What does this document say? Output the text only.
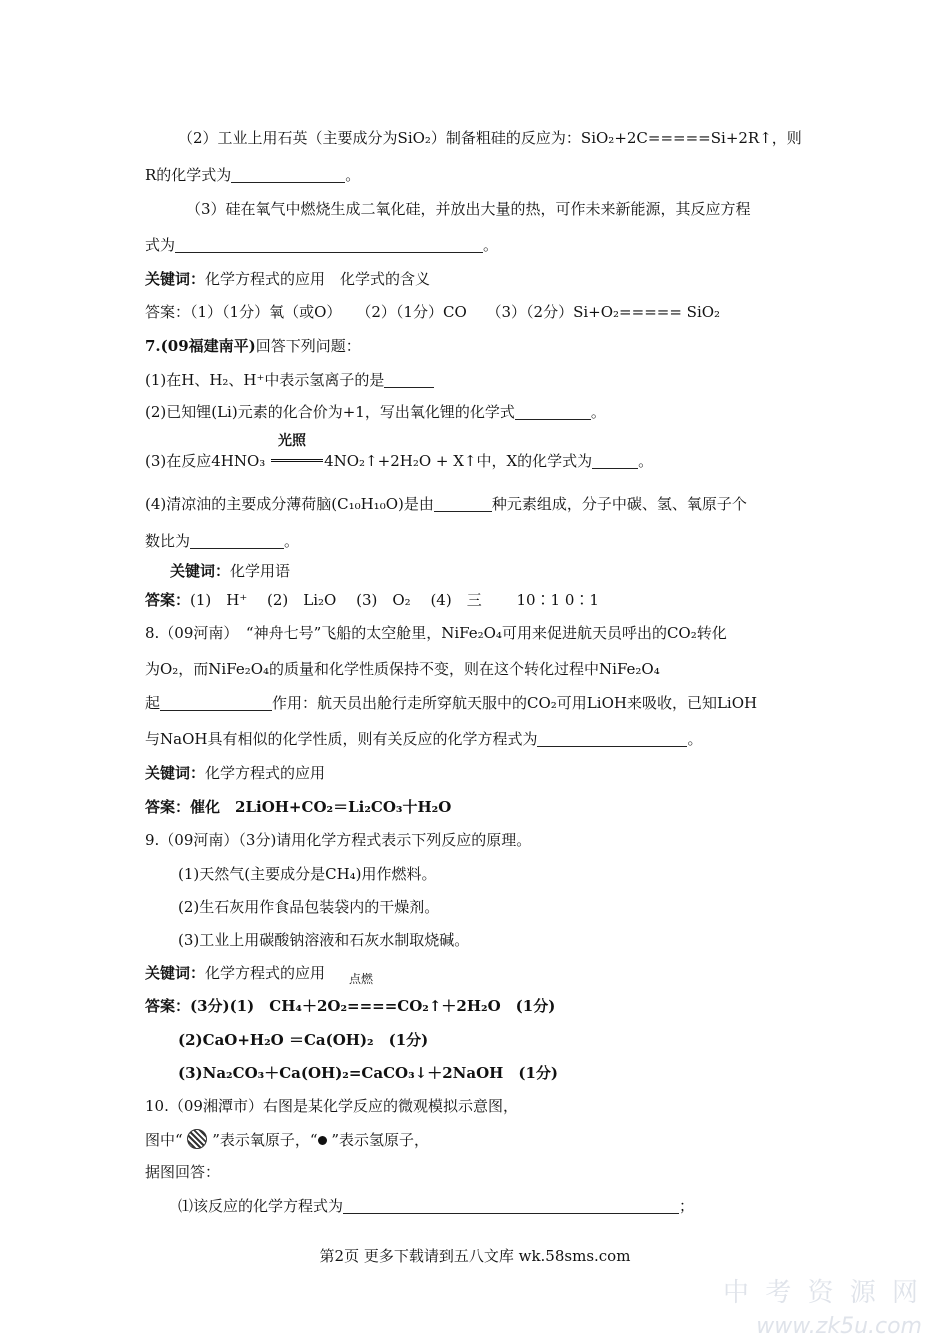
（2）工业上用石英（主要成分为SiO₂）制备粗硅的反应为：SiO₂+2C=====Si+2R↑，则
R的化学式为	。
（3）硅在氧气中燃烧生成二氧化硅，并放出大量的热，可作未来新能源，其反应方程
式为	。
关键词：化学方程式的应用　化学式的含义
答案：（1）（1分）氧（或O）　　（2）（1分）CO　 （3）（2分）Si+O₂===== SiO₂
7.(09福建南平)回答下列问题：
(1)在H、H₂、H⁺中表示氢离子的是
(2)已知锂(Li)元素的化合价为+1，写出氧化锂的化学式	。
光照
(3)在反应4HNO₃	4NO₂↑+2H₂O + X↑中，X的化学式为	。
(4)清凉油的主要成分薄荷脑(C₁₀H₁₀O)是由	种元素组成，分子中碳、氢、氧原子个
数比为	。
关键词：化学用语
答案：(1)　H⁺　 (2)　Li₂O　 (3)　O₂　 (4)　三　　 10∶1 0∶1
8.（09河南）　“神舟七号”飞船的太空舱里，NiFe₂O₄可用来促进航天员呼出的CO₂转化
为O₂，而NiFe₂O₄的质量和化学性质保持不变，则在这个转化过程中NiFe₂O₄
起	作用：航天员出舱行走所穿航天服中的CO₂可用LiOH来吸收，已知LiOH
与NaOH具有相似的化学性质，则有关反应的化学方程式为	。
关键词：化学方程式的应用
答案：催化　2LiOH+CO₂＝Li₂CO₃十H₂O
9.（09河南）（3分)请用化学方程式表示下列反应的原理。
(1)天然气(主要成分是CH₄)用作燃料。
(2)生石灰用作食品包装袋内的干燥剂。
(3)工业上用碳酸钠溶液和石灰水制取烧碱。
关键词：化学方程式的应用 点燃
答案：(3分)(1)　CH₄＋2O₂====CO₂↑＋2H₂O　(1分)
(2)CaO+H₂O ＝Ca(OH)₂　(1分)
(3)Na₂CO₃＋Ca(OH)₂=CaCO₃↓＋2NaOH　(1分)
10.（09湘潭市）右图是某化学反应的微观模拟示意图，
图中“ ”表示氧原子，“ ”表示氢原子，
据图回答：
⑴该反应的化学方程式为	；
第2页 更多下载请到五八文库 wk.58sms.com
中 考 资 源 网
www.zk5u.com
